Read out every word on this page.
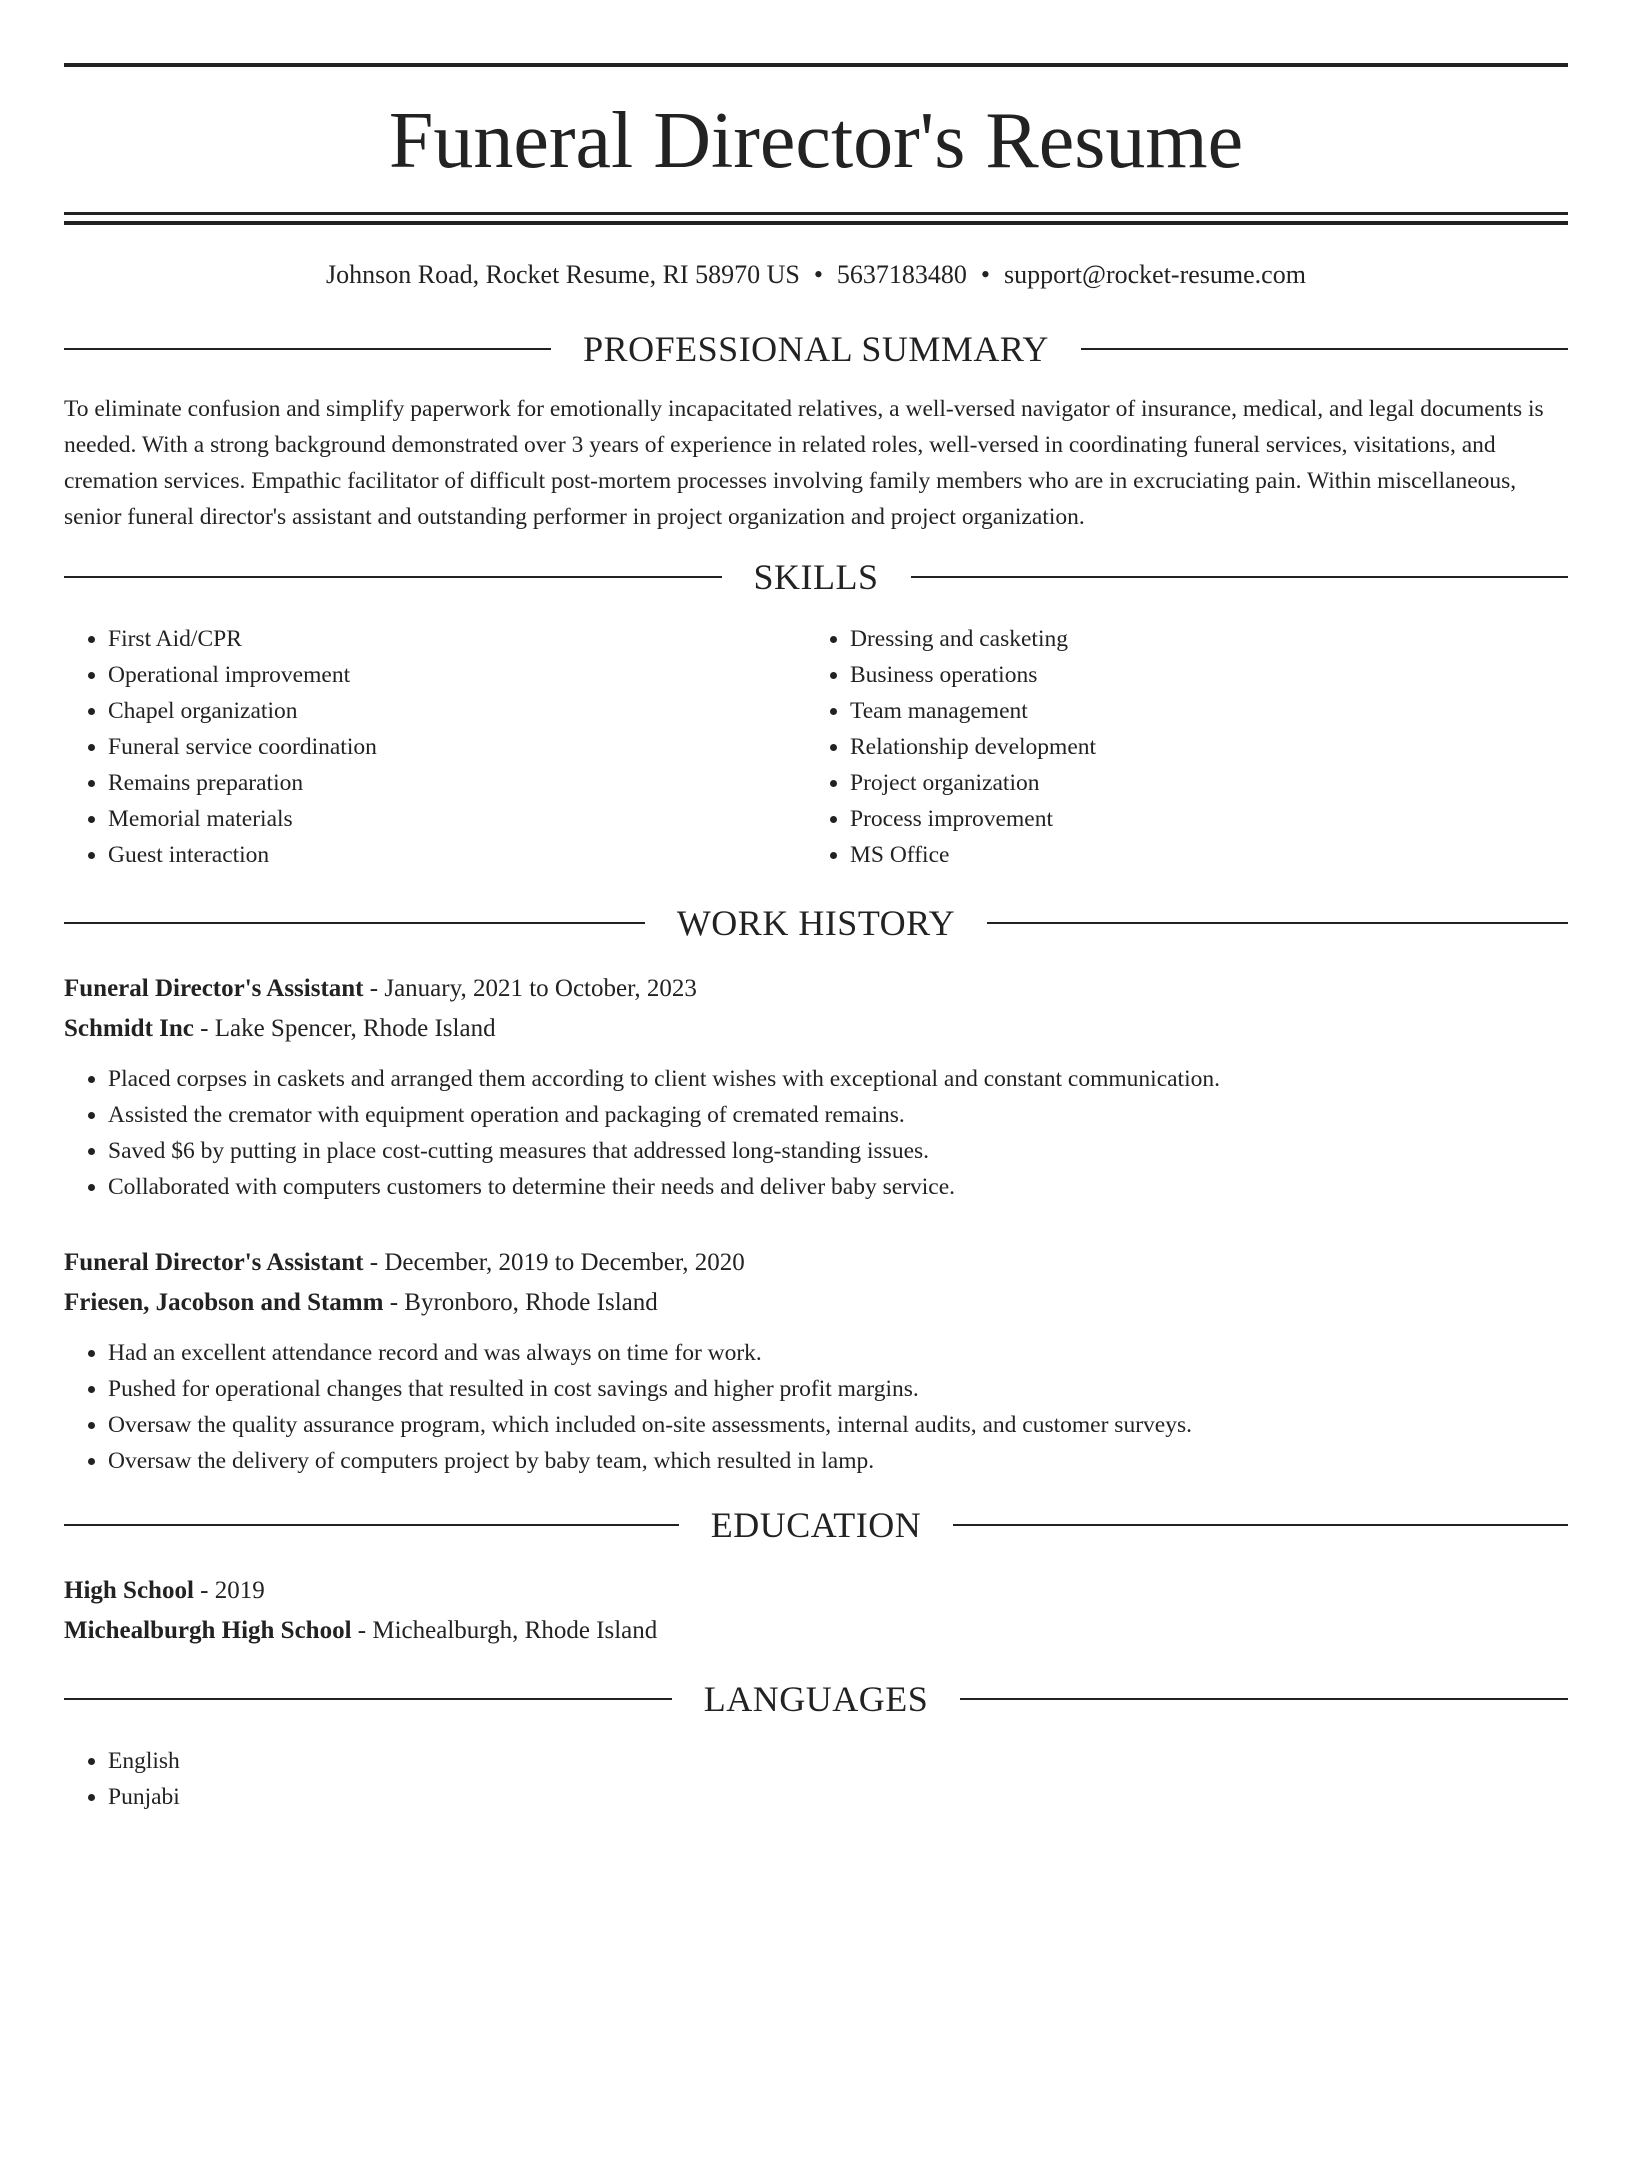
Funeral Director's Resume
Johnson Road, Rocket Resume, RI 58970 US • 5637183480 • support@rocket-resume.com
PROFESSIONAL SUMMARY
To eliminate confusion and simplify paperwork for emotionally incapacitated relatives, a well-versed navigator of insurance, medical, and legal documents is needed. With a strong background demonstrated over 3 years of experience in related roles, well-versed in coordinating funeral services, visitations, and cremation services. Empathic facilitator of difficult post-mortem processes involving family members who are in excruciating pain. Within miscellaneous, senior funeral director's assistant and outstanding performer in project organization and project organization.
SKILLS
• First Aid/CPR
• Operational improvement
• Chapel organization
• Funeral service coordination
• Remains preparation
• Memorial materials
• Guest interaction
• Dressing and casketing
• Business operations
• Team management
• Relationship development
• Project organization
• Process improvement
• MS Office
WORK HISTORY
Funeral Director's Assistant - January, 2021 to October, 2023
Schmidt Inc - Lake Spencer, Rhode Island
• Placed corpses in caskets and arranged them according to client wishes with exceptional and constant communication.
• Assisted the cremator with equipment operation and packaging of cremated remains.
• Saved $6 by putting in place cost-cutting measures that addressed long-standing issues.
• Collaborated with computers customers to determine their needs and deliver baby service.
Funeral Director's Assistant - December, 2019 to December, 2020
Friesen, Jacobson and Stamm - Byronboro, Rhode Island
• Had an excellent attendance record and was always on time for work.
• Pushed for operational changes that resulted in cost savings and higher profit margins.
• Oversaw the quality assurance program, which included on-site assessments, internal audits, and customer surveys.
• Oversaw the delivery of computers project by baby team, which resulted in lamp.
EDUCATION
High School - 2019
Michealburgh High School - Michealburgh, Rhode Island
LANGUAGES
• English
• Punjabi
